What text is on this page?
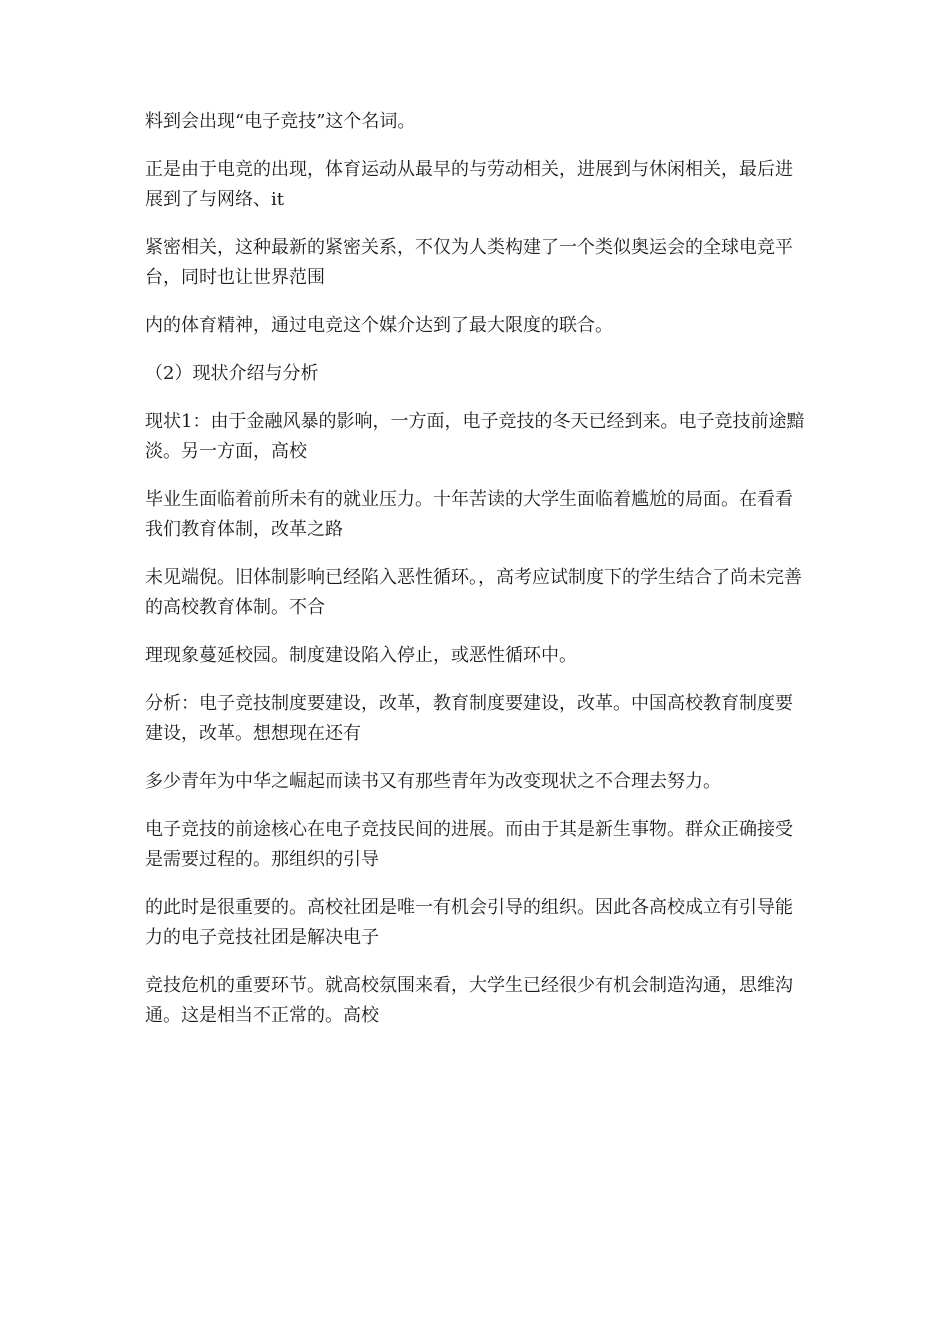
料到会出现“电子竞技”这个名词。

正是由于电竞的出现，体育运动从最早的与劳动相关，进展到与休闲相关，最后进展到了与网络、it

紧密相关，这种最新的紧密关系，不仅为人类构建了一个类似奥运会的全球电竞平台，同时也让世界范围

内的体育精神，通过电竞这个媒介达到了最大限度的联合。

（2）现状介绍与分析

现状1：由于金融风暴的影响，一方面，电子竞技的冬天已经到来。电子竞技前途黯淡。另一方面，高校

毕业生面临着前所未有的就业压力。十年苦读的大学生面临着尴尬的局面。在看看我们教育体制，改革之路

未见端倪。旧体制影响已经陷入恶性循环。，高考应试制度下的学生结合了尚未完善的高校教育体制。不合

理现象蔓延校园。制度建设陷入停止，或恶性循环中。

分析：电子竞技制度要建设，改革，教育制度要建设，改革。中国高校教育制度要建设，改革。想想现在还有

多少青年为中华之崛起而读书又有那些青年为改变现状之不合理去努力。

电子竞技的前途核心在电子竞技民间的进展。而由于其是新生事物。群众正确接受是需要过程的。那组织的引导

的此时是很重要的。高校社团是唯一有机会引导的组织。因此各高校成立有引导能力的电子竞技社团是解决电子

竞技危机的重要环节。就高校氛围来看，大学生已经很少有机会制造沟通，思维沟通。这是相当不正常的。高校
